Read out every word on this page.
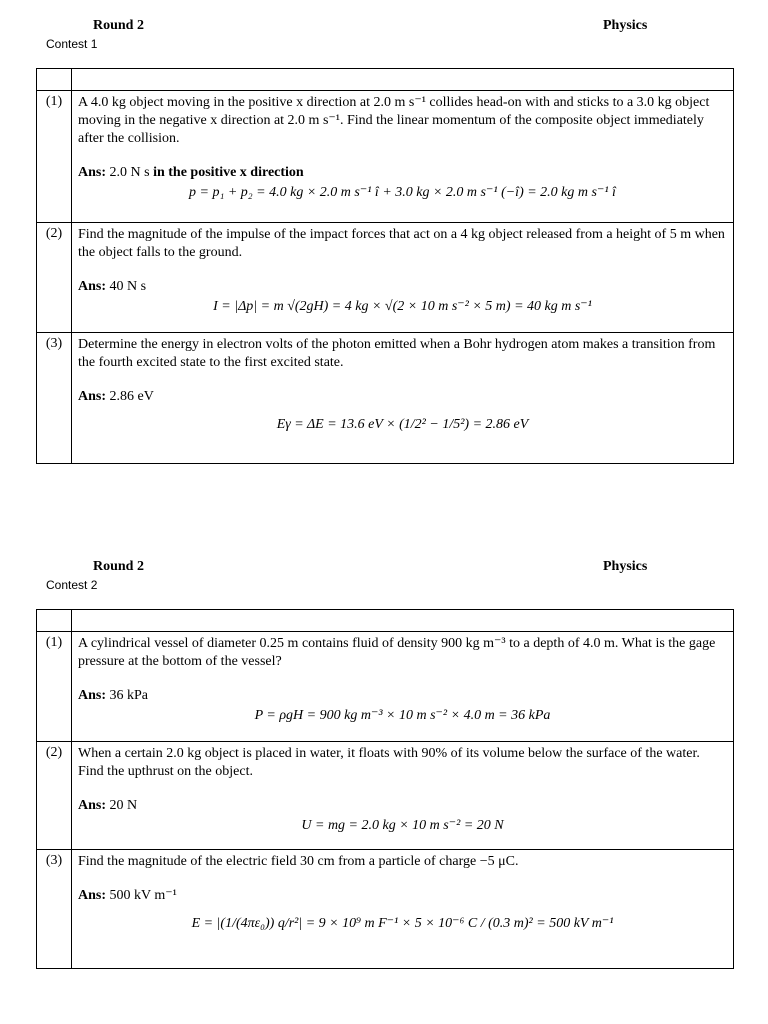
Round 2	Physics
Contest 1

(1)	A 4.0 kg object moving in the positive x direction at 2.0 m s⁻¹ collides head-on with and sticks to a 3.0 kg object moving in the negative x direction at 2.0 m s⁻¹. Find the linear momentum of the composite object immediately after the collision.

Ans: 2.0 N s in the positive x direction
p = p₁ + p₂ = 4.0 kg × 2.0 m s⁻¹ î + 3.0 kg × 2.0 m s⁻¹ (−î) = 2.0 kg m s⁻¹ î

(2)	Find the magnitude of the impulse of the impact forces that act on a 4 kg object released from a height of 5 m when the object falls to the ground.

Ans: 40 N s
I = |Δp| = m √(2gH) = 4 kg × √(2 × 10 m s⁻² × 5 m) = 40 kg m s⁻¹

(3)	Determine the energy in electron volts of the photon emitted when a Bohr hydrogen atom makes a transition from the fourth excited state to the first excited state.

Ans: 2.86 eV
Eγ = ΔE = 13.6 eV × (1/2² − 1/5²) = 2.86 eV
Round 2	Physics
Contest 2

(1)	A cylindrical vessel of diameter 0.25 m contains fluid of density 900 kg m⁻³ to a depth of 4.0 m. What is the gage pressure at the bottom of the vessel?

Ans: 36 kPa
P = ρgH = 900 kg m⁻³ × 10 m s⁻² × 4.0 m = 36 kPa

(2)	When a certain 2.0 kg object is placed in water, it floats with 90% of its volume below the surface of the water. Find the upthrust on the object.

Ans: 20 N
U = mg = 2.0 kg × 10 m s⁻² = 20 N

(3)	Find the magnitude of the electric field 30 cm from a particle of charge −5 μC.

Ans: 500 kV m⁻¹
E = |(1/(4πε₀)) q/r²| = 9 × 10⁹ m F⁻¹ × 5 × 10⁻⁶ C / (0.3 m)² = 500 kV m⁻¹
